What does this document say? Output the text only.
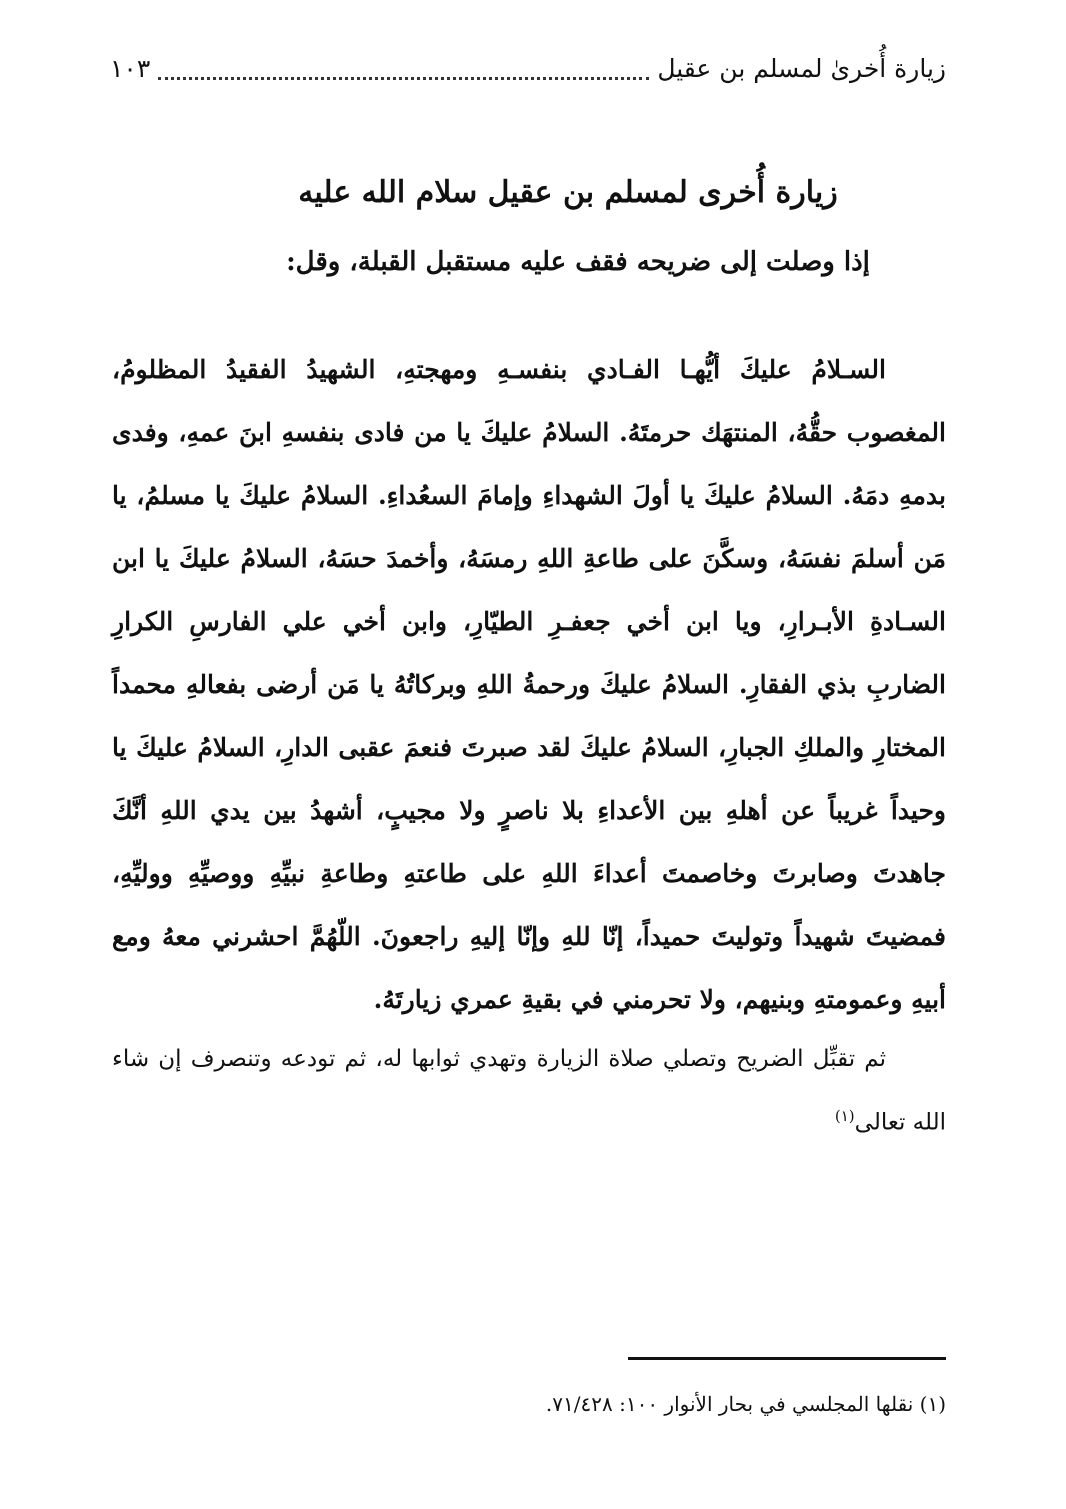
زيارة أُخرىٰ لمسلم بن عقيل
١٠٣
زيارة أُخرى لمسلم بن عقيل سلام الله عليه
إذا وصلت إلى ضريحه فقف عليه مستقبل القبلة، وقل:

السـلامُ عليكَ أيُّهـا الفـادي بنفسـهِ ومهجتهِ، الشهيدُ الفقيدُ المظلومُ، المغصوب حقُّهُ، المنتهَك حرمتَهُ. السلامُ عليكَ يا من فادى بنفسهِ ابنَ عمهِ، وفدى بدمهِ دمَهُ. السلامُ عليكَ يا أولَ الشهداءِ وإمامَ السعُداءِ. السلامُ عليكَ يا مسلمُ، يا مَن أسلمَ نفسَهُ، وسكَّنَ على طاعةِ اللهِ رمسَهُ، وأخمدَ حسَهُ، السلامُ عليكَ يا ابن السـادةِ الأبـرارِ، ويا ابن أخي جعفـرِ الطيّارِ، وابن أخي علي الفارسِ الكرارِ الضاربِ بذي الفقارِ. السلامُ عليكَ ورحمةُ اللهِ وبركاتُهُ يا مَن أرضى بفعالهِ محمداً المختارِ والملكِ الجبارِ، السلامُ عليكَ لقد صبرتَ فنعمَ عقبى الدارِ، السلامُ عليكَ يا وحيداً غريباً عن أهلهِ بين الأعداءِ بلا ناصرٍ ولا مجيبٍ، أشهدُ بين يدي اللهِ أنَّكَ جاهدتَ وصابرتَ وخاصمتَ أعداءَ اللهِ على طاعتهِ وطاعةِ نبيِّهِ ووصيِّهِ ووليِّهِ، فمضيتَ شهيداً وتوليتَ حميداً، إنّا للهِ وإنّا إليهِ راجعونَ. اللّهُمَّ احشرني معهُ ومع أبيهِ وعمومتهِ وبنيهم، ولا تحرمني في بقيةِ عمري زيارتَهُ.

ثم تقبِّل الضريح وتصلي صلاة الزيارة وتهدي ثوابها له، ثم تودعه وتنصرف إن شاء الله تعالى$^{(١)}$

(١) نقلها المجلسي في بحار الأنوار ١٠٠: ٧١/٤٢٨.
